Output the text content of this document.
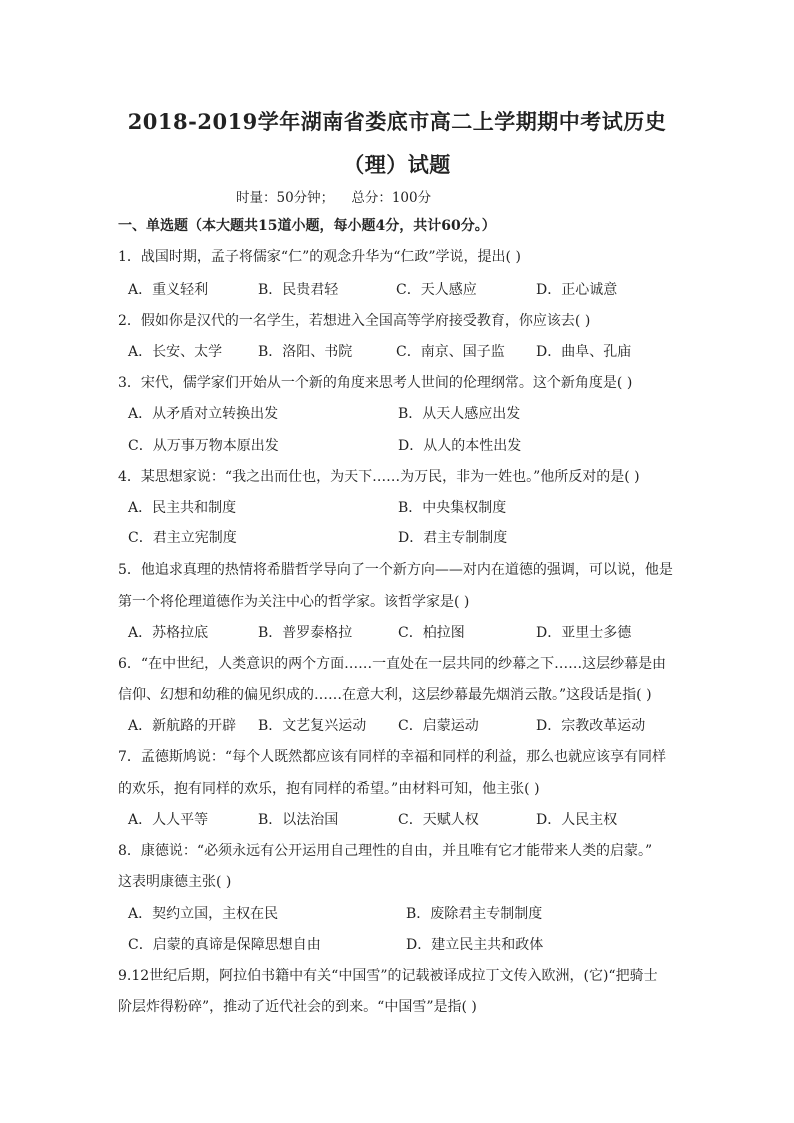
2018-2019学年湖南省娄底市高二上学期期中考试历史
（理）试题
时量：50分钟；    总分：100分
一、单选题（本大题共15道小题，每小题4分，共计60分。）
1．战国时期，孟子将儒家“仁”的观念升华为“仁政”学说，提出( )
A．重义轻利	B．民贵君轻	C．天人感应	D．正心诚意
2．假如你是汉代的一名学生，若想进入全国高等学府接受教育，你应该去( )
A．长安、太学	B．洛阳、书院	C．南京、国子监 D．曲阜、孔庙
3．宋代，儒学家们开始从一个新的角度来思考人世间的伦理纲常。这个新角度是( )
A．从矛盾对立转换出发	B．从天人感应出发
C．从万事万物本原出发	D．从人的本性出发
4．某思想家说：“我之出而仕也，为天下……为万民，非为一姓也。”他所反对的是( )
A．民主共和制度	B．中央集权制度
C．君主立宪制度	D．君主专制制度
5．他追求真理的热情将希腊哲学导向了一个新方向——对内在道德的强调，可以说，他是
第一个将伦理道德作为关注中心的哲学家。该哲学家是( )
A．苏格拉底	B．普罗泰格拉	C．柏拉图	D．亚里士多德
6．“在中世纪，人类意识的两个方面……一直处在一层共同的纱幕之下……这层纱幕是由
信仰、幻想和幼稚的偏见织成的……在意大利，这层纱幕最先烟消云散。”这段话是指( )
A．新航路的开辟 B．文艺复兴运动 C．启蒙运动	D．宗教改革运动
7．孟德斯鸠说：“每个人既然都应该有同样的幸福和同样的利益，那么也就应该享有同样
的欢乐，抱有同样的欢乐，抱有同样的希望。”由材料可知，他主张( )
A．人人平等	B．以法治国	C．天赋人权	D．人民主权
8．康德说：“必须永远有公开运用自己理性的自由，并且唯有它才能带来人类的启蒙。”
这表明康德主张( )
A．契约立国，主权在民	B．废除君主专制制度
C．启蒙的真谛是保障思想自由	D．建立民主共和政体
9.12世纪后期，阿拉伯书籍中有关“中国雪”的记载被译成拉丁文传入欧洲，(它)“把骑士
阶层炸得粉碎”，推动了近代社会的到来。“中国雪”是指( )
